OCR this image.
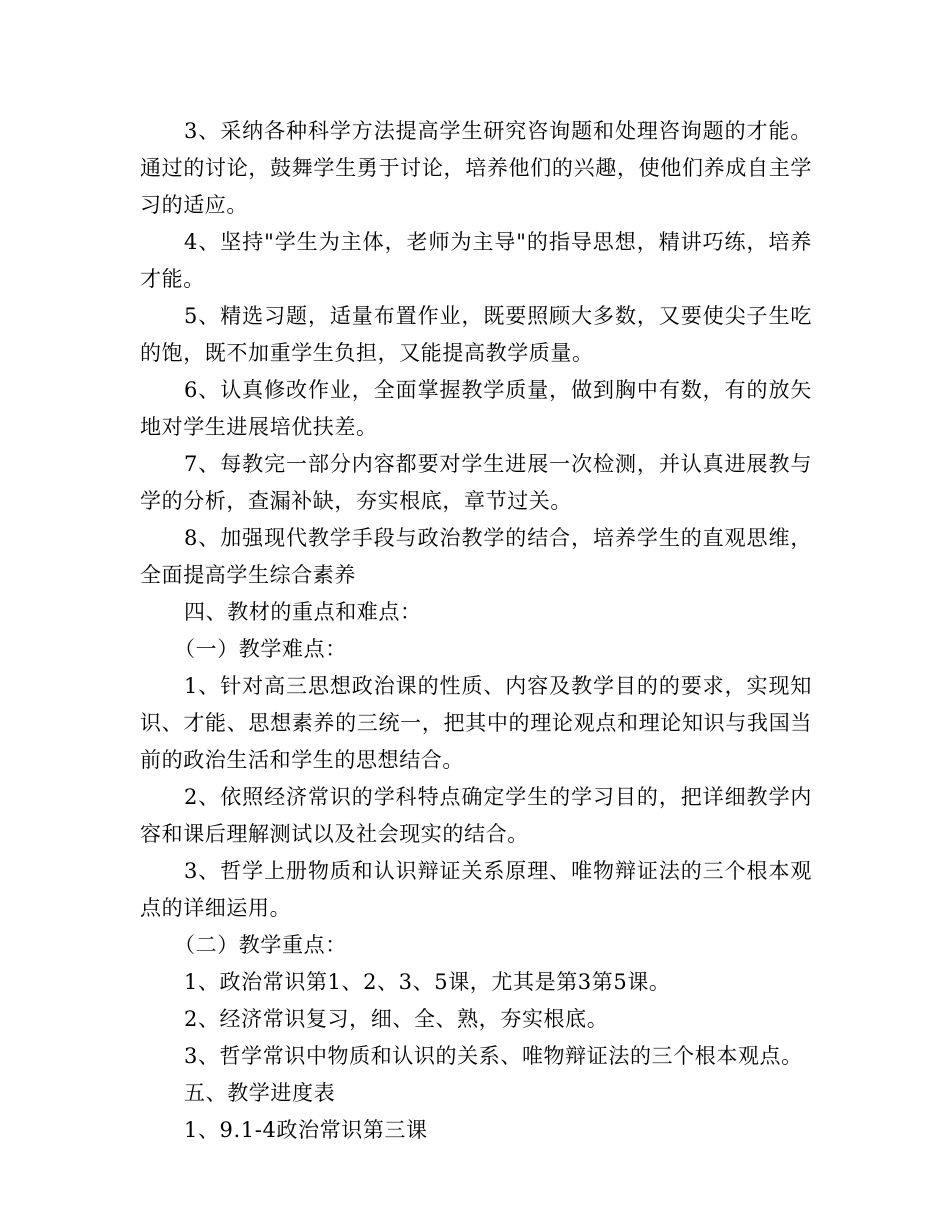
3、采纳各种科学方法提高学生研究咨询题和处理咨询题的才能。通过的讨论，鼓舞学生勇于讨论，培养他们的兴趣，使他们养成自主学习的适应。

4、坚持"学生为主体，老师为主导"的指导思想，精讲巧练，培养才能。

5、精选习题，适量布置作业，既要照顾大多数，又要使尖子生吃的饱，既不加重学生负担，又能提高教学质量。

6、认真修改作业，全面掌握教学质量，做到胸中有数，有的放矢地对学生进展培优扶差。

7、每教完一部分内容都要对学生进展一次检测，并认真进展教与学的分析，查漏补缺，夯实根底，章节过关。

8、加强现代教学手段与政治教学的结合，培养学生的直观思维，全面提高学生综合素养

四、教材的重点和难点：

（一）教学难点：

1、针对高三思想政治课的性质、内容及教学目的的要求，实现知识、才能、思想素养的三统一，把其中的理论观点和理论知识与我国当前的政治生活和学生的思想结合。

2、依照经济常识的学科特点确定学生的学习目的，把详细教学内容和课后理解测试以及社会现实的结合。

3、哲学上册物质和认识辩证关系原理、唯物辩证法的三个根本观点的详细运用。

（二）教学重点：

1、政治常识第1、2、3、5课，尤其是第3第5课。

2、经济常识复习，细、全、熟，夯实根底。

3、哲学常识中物质和认识的关系、唯物辩证法的三个根本观点。

五、教学进度表

1、9.1-4政治常识第三课
